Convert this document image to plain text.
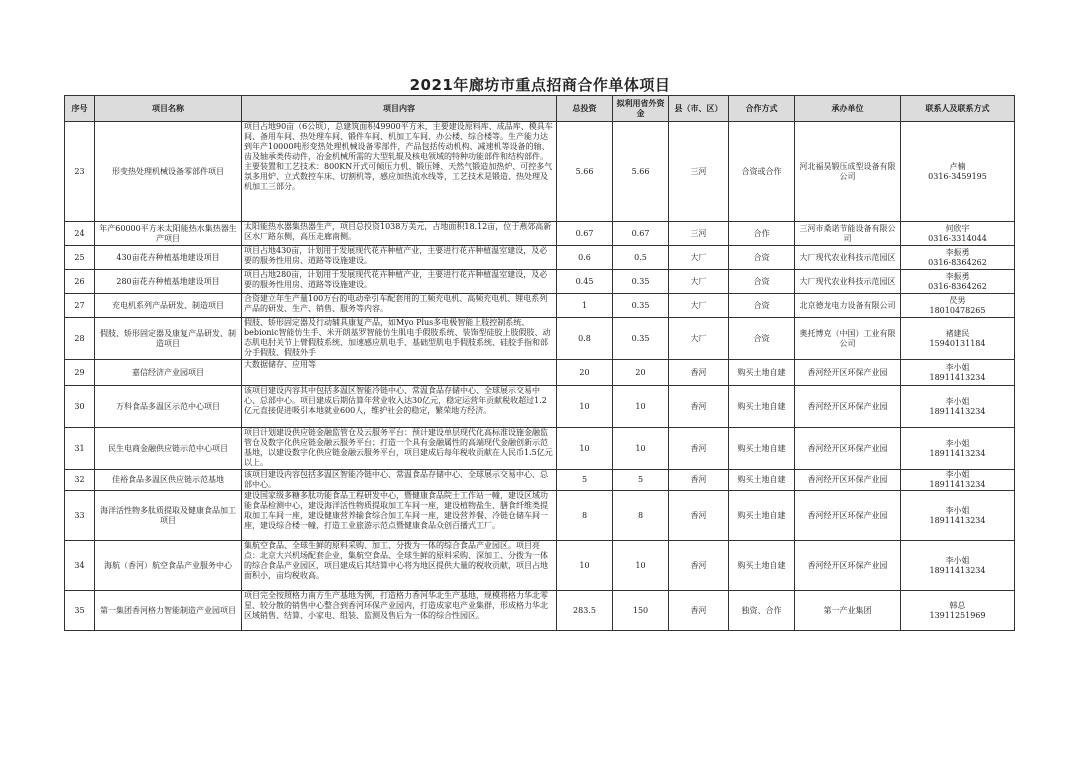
2021年廊坊市重点招商合作单体项目
序号	项目名称	项目内容	总投资	拟利用省外资金	县（市、区）	合作方式	承办单位	联系人及联系方式

23	形变热处理机械设备零部件项目	项目占地90亩（6公顷），总建筑面积49900平方米，主要建设原料库、成品库、模具车间、备用车间、热处理车间、锻件车间、机加工车间、办公楼、综合楼等。生产能力达到年产10000吨形变热处理机械设备零部件，产品包括传动机构、减速机等设备的轴、齿及轴承类传动件，冶金机械所需的大型轧辊及核电领域的特种功能部件和结构部件。主要装置和工艺技术：800KN开式可倾压力机、锻压锤、天然气锻造加热炉、可控多气氛多用炉、立式数控车床、切割机等，感应加热流水线等，工艺技术是锻造、热处理及机加工三部分。	5.66	5.66	三河	合资或合作	河北福昊锻压成型设备有限公司	卢楠
0316-3459195

24	年产60000平方米太阳能热水集热器生产项目	太阳能热水器集热器生产，项目总投资1038万美元，占地面积18.12亩，位于燕郊高新区水厂路东侧，高压走廊南侧。	0.67	0.67	三河	合作	三河市桑诺节能设备有限公司	何欣宇
0316-3314044

25	430亩花卉种植基地建设项目	项目占地430亩，计划用于发展现代花卉种植产业，主要进行花卉种植温室建设，及必要的服务性用房、道路等设施建设。	0.6	0.5	大厂	合资	大厂现代农业科技示范园区	李振勇
0316-8364262

26	280亩花卉种植基地建设项目	项目占地280亩，计划用于发展现代花卉种植产业，主要进行花卉种植温室建设，及必要的服务性用房、道路等设施建设。	0.45	0.35	大厂	合资	大厂现代农业科技示范园区	李振勇
0316-8364262

27	充电机系列产品研发、制造项目	合资建立年生产量100万台的电动牵引车配套用的工频充电机、高频充电机、锂电系列产品的研发、生产、销售、服务等内容。	1	0.35	大厂	合资	北京德龙电力设备有限公司	昃男
18010478265

28	假肢、矫形固定器及康复产品研发、制造项目	假肢、矫形固定器及行动辅具康复产品，如Myo Plus多电极智能上肢控制系统、bebionic智能仿生手、米开朗基罗智能仿生肌电手假肢系统、装饰型硅胶上肢假肢、动态肌电肘关节上臂假肢系统、加速感应肌电手、基础型肌电手假肢系统、硅胶手指和部分手假肢、假肢外手	0.8	0.35	大厂	合资	奥托博克（中国）工业有限公司	褚建民
15940131184

29	嘉信经济产业园项目	大数据储存、应用等	20	20	香河	购买土地自建	香河经开区环保产业园	李小姐
18911413234

30	万科食品多温区示范中心项目	该项目建设内容其中包括多温区智能冷链中心、常温食品存储中心、全球展示交易中心、总部中心。项目建成后期估算年营业收入达30亿元，稳定运营年贡献税收超过1.2亿元直接促进吸引本地就业600人，维护社会的稳定，繁荣地方经济。	10	10	香河	购买土地自建	香河经开区环保产业园	李小姐
18911413234

31	民生电商金融供应链示范中心项目	项目计划建设供应链金融监管仓及云服务平台：预计建设单层现代化高标准设施金融监管仓及数字化供应链金融云服务平台；打造一个具有金融属性的高端现代金融创新示范基地，以建设数字化供应链金融云服务平台，项目建成后每年税收贡献在人民币1.5亿元以上。	10	10	香河	购买土地自建	香河经开区环保产业园	李小姐
18911413234

32	佳裕食品多温区供应链示范基地	该项目建设内容包括多温区智能冷链中心、常温食品存储中心、全球展示交易中心、总部中心。	5	5	香河	购买土地自建	香河经开区环保产业园	李小姐
18911413234

33	海洋活性物多肽质提取及健康食品加工项目	建设国家级多糖多肽功能食品工程研发中心，暨健康食品院士工作站一幢，建设区域功能食品检测中心，建设海洋活性物质提取加工车间一座，建设植物盐生、膳食纤维类提取加工车间一座，建设健康营养输食综合加工车间一座，建设营养餐、冷链仓储车间一座，建设综合楼一幢，打造工业旅游示范点暨健康食品众创百播式工厂。	8	8	香河	购买土地自建	香河经开区环保产业园	李小姐
18911413234

34	海航（香河）航空食品产业服务中心	集航空食品、全球生鲜的原料采购、加工、分拨为一体的综合食品产业园区。项目亮点：北京大兴机场配套企业，集航空食品、全球生鲜的原料采购、深加工、分拨为一体的综合食品产业园区，项目建成后其结算中心将为地区提供大量的税收贡献，项目占地面积小，亩均税收高。	10	10	香河	购买土地自建	香河经开区环保产业园	李小姐
18911413234

35	第一集团香河格力智能制造产业园项目	项目完全按照格力南方生产基地为例，打造格力香河华北生产基地，规模将格力华北零星、较分散的销售中心整合到香河环保产业园内，打造成家电产业集群，形成格力华北区域销售、结算、小家电、组装、监测及售后为一体的综合性园区。	283.5	150	香河	独资、合作	第一产业集团	韩总
13911251969
